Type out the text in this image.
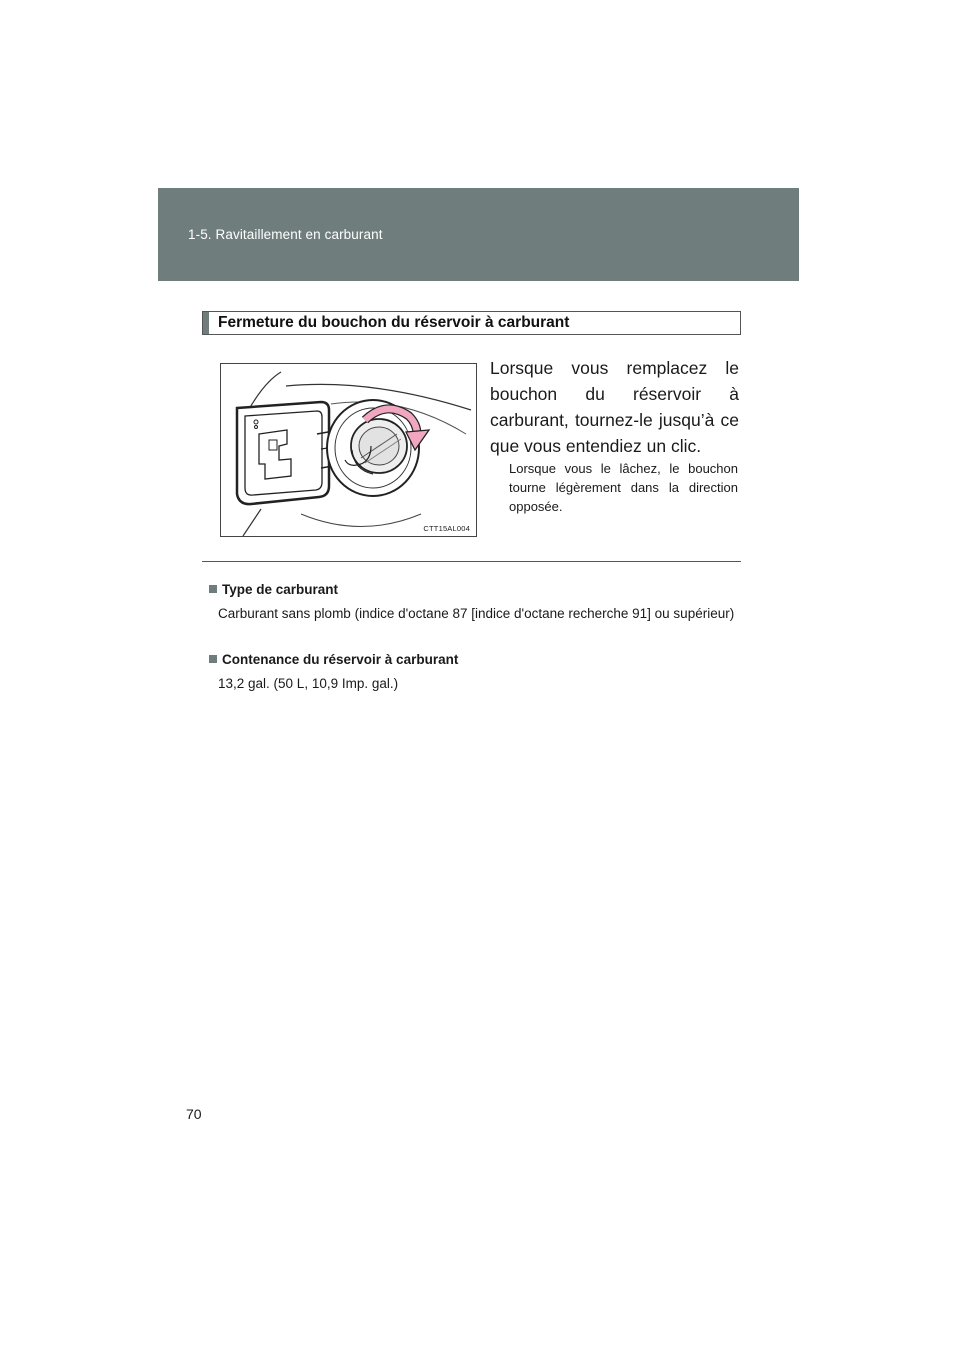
1-5. Ravitaillement en carburant
Fermeture du bouchon du réservoir à carburant
CTT15AL004
Lorsque vous remplacez le bouchon du réservoir à carburant, tournez-le jusqu’à ce que vous entendiez un clic.
Lorsque vous le lâchez, le bouchon tourne légèrement dans la direction opposée.
Type de carburant
Carburant sans plomb (indice d'octane 87 [indice d'octane recherche 91] ou supérieur)
Contenance du réservoir à carburant
13,2 gal. (50 L, 10,9 Imp. gal.)
70
